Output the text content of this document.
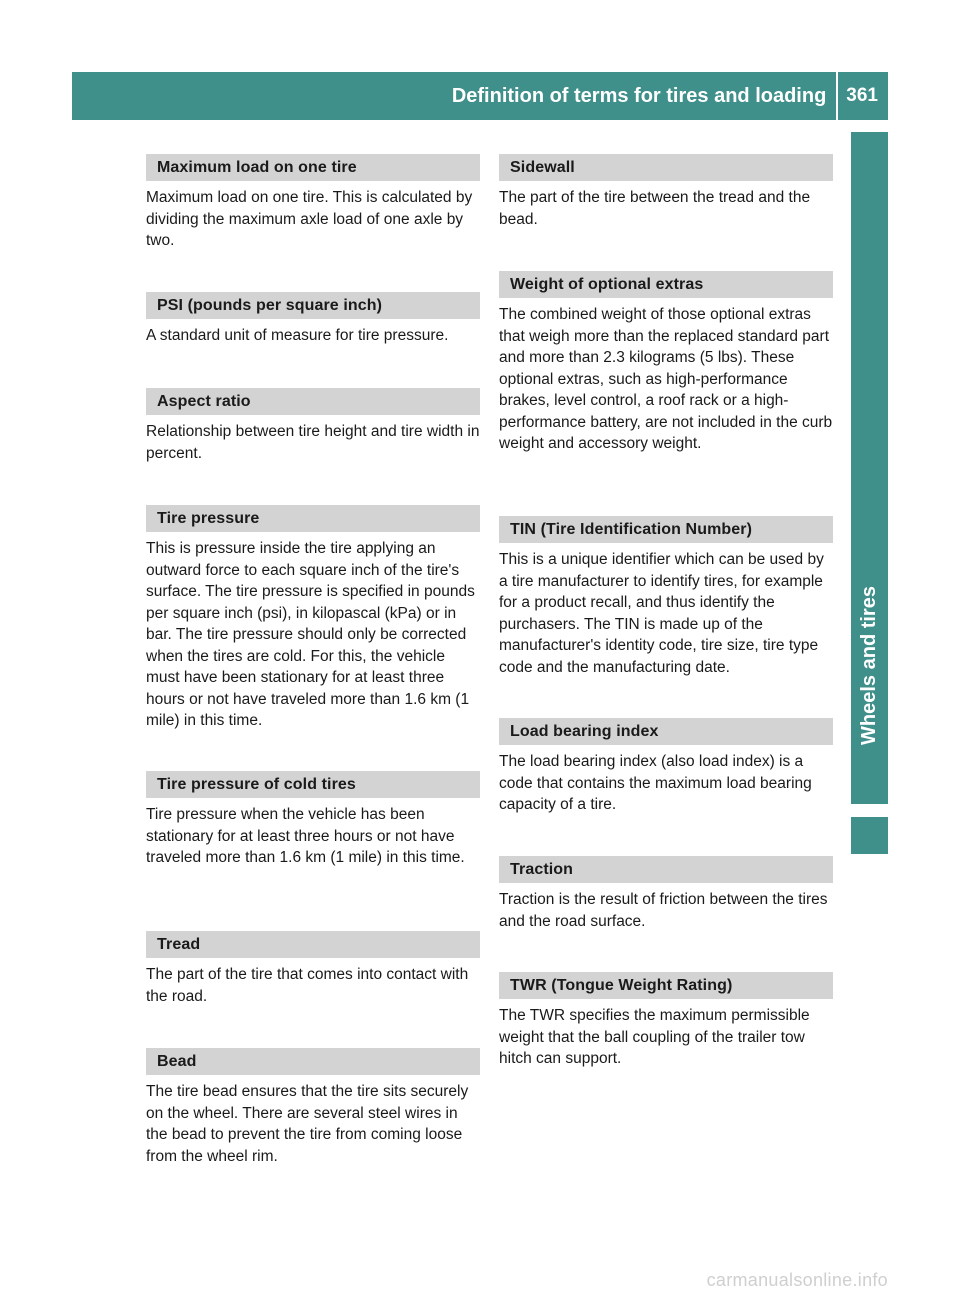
Definition of terms for tires and loading	361
Wheels and tires
Maximum load on one tire

Maximum load on one tire. This is calculated by dividing the maximum axle load of one axle by two.

PSI (pounds per square inch)

A standard unit of measure for tire pressure.

Aspect ratio

Relationship between tire height and tire width in percent.

Tire pressure

This is pressure inside the tire applying an outward force to each square inch of the tire's surface. The tire pressure is specified in pounds per square inch (psi), in kilopascal (kPa) or in bar. The tire pressure should only be corrected when the tires are cold. For this, the vehicle must have been stationary for at least three hours or not have traveled more than 1.6 km (1 mile) in this time.

Tire pressure of cold tires

Tire pressure when the vehicle has been stationary for at least three hours or not have traveled more than 1.6 km (1 mile) in this time.

Tread

The part of the tire that comes into contact with the road.

Bead

The tire bead ensures that the tire sits securely on the wheel. There are several steel wires in the bead to prevent the tire from coming loose from the wheel rim.

Sidewall

The part of the tire between the tread and the bead.

Weight of optional extras

The combined weight of those optional extras that weigh more than the replaced standard part and more than 2.3 kilograms (5 lbs). These optional extras, such as high-performance brakes, level control, a roof rack or a high-performance battery, are not included in the curb weight and accessory weight.

TIN (Tire Identification Number)

This is a unique identifier which can be used by a tire manufacturer to identify tires, for example for a product recall, and thus identify the purchasers. The TIN is made up of the manufacturer's identity code, tire size, tire type code and the manufacturing date.

Load bearing index

The load bearing index (also load index) is a code that contains the maximum load bearing capacity of a tire.

Traction

Traction is the result of friction between the tires and the road surface.

TWR (Tongue Weight Rating)

The TWR specifies the maximum permissible weight that the ball coupling of the trailer tow hitch can support.

carmanualsonline.info
